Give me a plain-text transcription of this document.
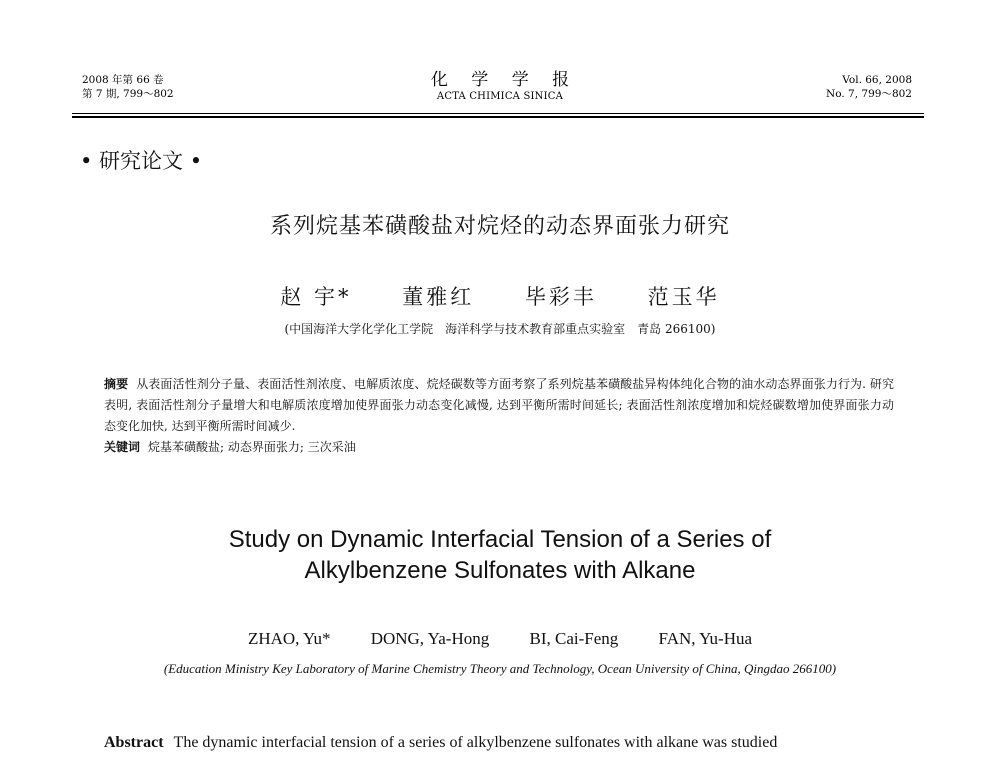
2008 年第 66 卷
第 7 期, 799～802
化 学 学 报
ACTA CHIMICA SINICA
Vol. 66, 2008
No. 7, 799～802
• 研究论文 •
系列烷基苯磺酸盐对烷烃的动态界面张力研究
赵 宇* 董雅红 毕彩丰 范玉华
(中国海洋大学化学化工学院　海洋科学与技术教育部重点实验室　青岛 266100)

摘要 从表面活性剂分子量、表面活性剂浓度、电解质浓度、烷烃碳数等方面考察了系列烷基苯磺酸盐异构体纯化合物的油水动态界面张力行为. 研究表明, 表面活性剂分子量增大和电解质浓度增加使界面张力动态变化减慢, 达到平衡所需时间延长; 表面活性剂浓度增加和烷烃碳数增加使界面张力动态变化加快, 达到平衡所需时间减少.

关键词 烷基苯磺酸盐; 动态界面张力; 三次采油

Study on Dynamic Interfacial Tension of a Series of
Alkylbenzene Sulfonates with Alkane
ZHAO, Yu* DONG, Ya-Hong BI, Cai-Feng FAN, Yu-Hua
(Education Ministry Key Laboratory of Marine Chemistry Theory and Technology, Ocean University of China, Qingdao 266100)
Abstract The dynamic interfacial tension of a series of alkylbenzene sulfonates with alkane was studied
